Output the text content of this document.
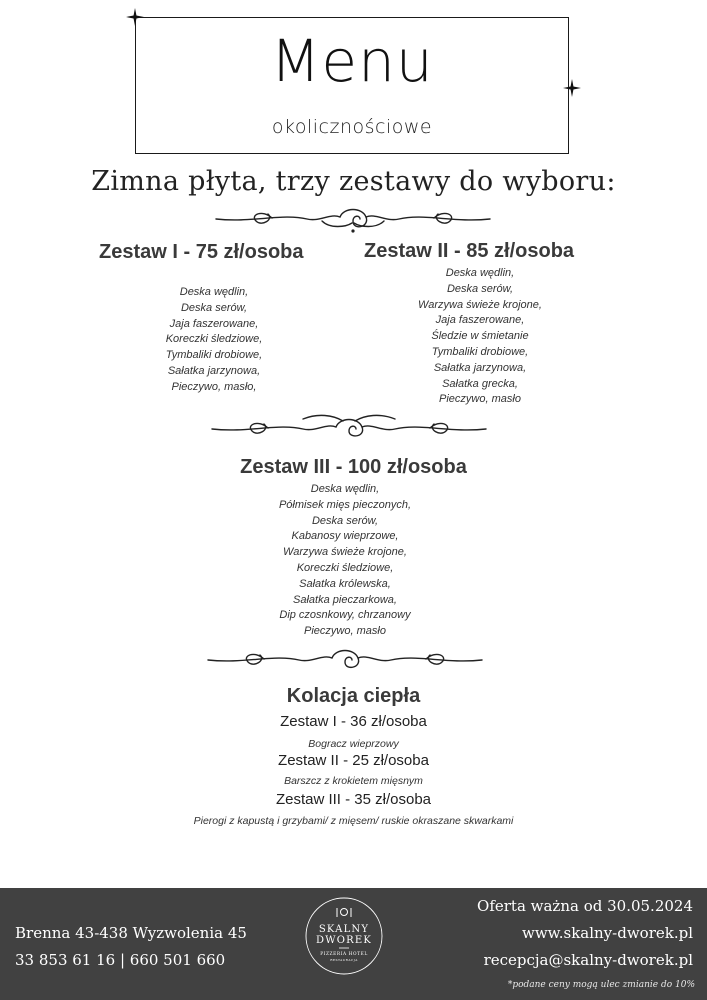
Menu
okolicznościowe
Zimna płyta, trzy zestawy do wyboru:
Zestaw I - 75 zł/osoba
Deska wędlin,
Deska serów,
Jaja faszerowane,
Koreczki śledziowe,
Tymbaliki drobiowe,
Sałatka jarzynowa,
Pieczywo, masło,
Zestaw II - 85 zł/osoba
Deska wędlin,
Deska serów,
Warzywa świeże krojone,
Jaja faszerowane,
Śledzie w śmietanie
Tymbaliki drobiowe,
Sałatka jarzynowa,
Sałatka grecka,
Pieczywo, masło
Zestaw III - 100 zł/osoba
Deska wędlin,
Półmisek mięs pieczonych,
Deska serów,
Kabanosy wieprzowe,
Warzywa świeże krojone,
Koreczki śledziowe,
Sałatka królewska,
Sałatka pieczarkowa,
Dip czosnkowy, chrzanowy
Pieczywo, masło
Kolacja ciepła
Zestaw I - 36 zł/osoba
Bogracz wieprzowy
Zestaw II - 25 zł/osoba
Barszcz z krokietem mięsnym
Zestaw III - 35 zł/osoba
Pierogi z kapustą i grzybami/ z mięsem/ ruskie okraszane skwarkami
Brenna 43-438 Wyzwolenia 45
33 853 61 16 | 660 501 660
Oferta ważna od 30.05.2024
www.skalny-dworek.pl
recepcja@skalny-dworek.pl
*podane ceny mogą ulec zmianie do 10%
SKALNY
DWOREK
PIZZERIA HOTEL
RESTAURACJA
